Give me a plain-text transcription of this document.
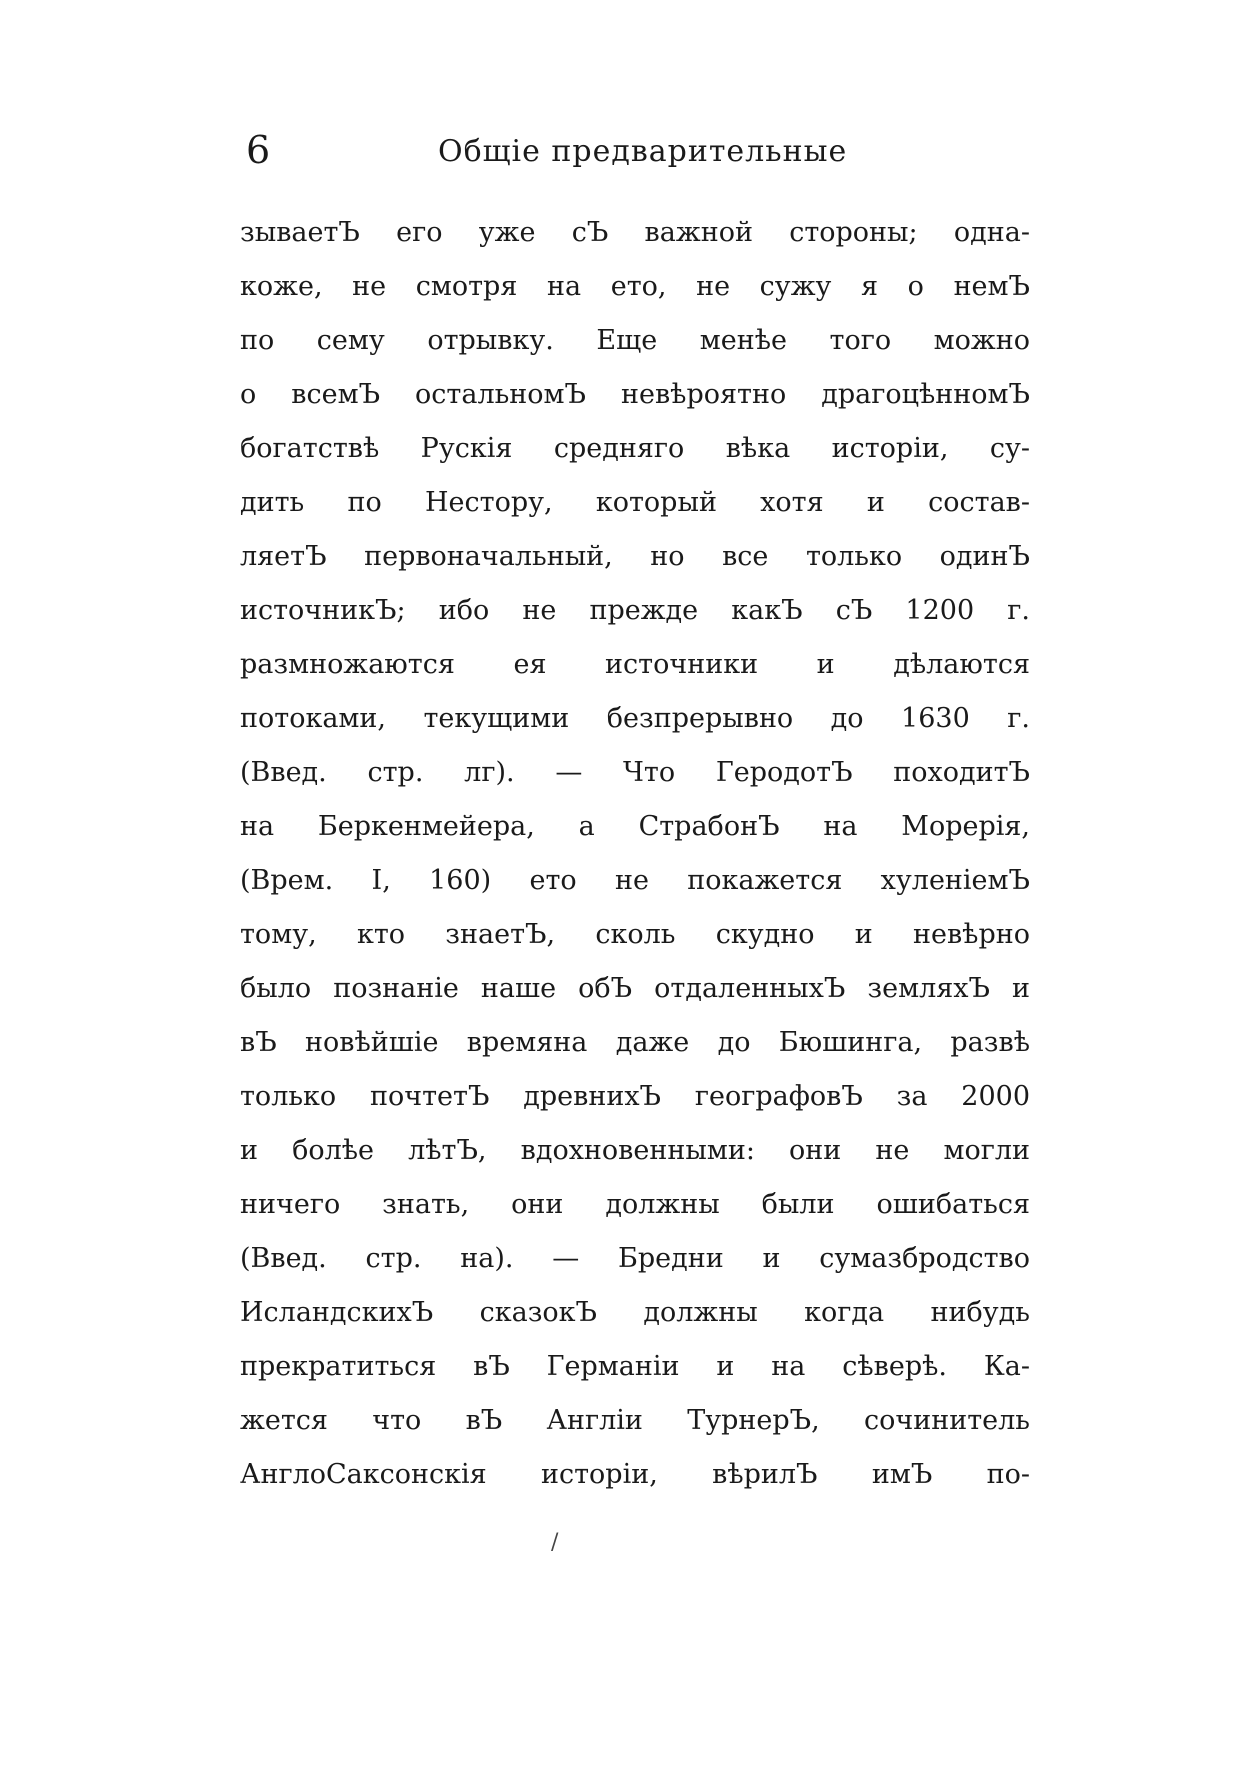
6	Общіе предварительные
зываетЪ его уже сЪ важной стороны; одна-
коже, не смотря на ето, не сужу я о немЪ
по сему отрывку. Еще менѣе того можно
о всемЪ остальномЪ невѣроятно драгоцѣнномЪ
богатствѣ Рускія средняго вѣка исторіи, су-
дить по Нестору, который хотя и состав-
ляетЪ первоначальный, но все только одинЪ
источникЪ; ибо не прежде какЪ сЪ 1200 г.
размножаются ея источники и дѣлаются
потоками, текущими безпрерывно до 1630 г.
(Введ. стр. лг). — Что ГеродотЪ походитЪ
на Беркенмейера, а СтрабонЪ на Морерія,
(Врем. I, 160) ето не покажется хуленіемЪ
тому, кто знаетЪ, сколь скудно и невѣрно
было познаніе наше обЪ отдаленныхЪ земляхЪ и
вЪ новѣйшіе времяна даже до Бюшинга, развѣ
только почтетЪ древнихЪ географовЪ за 2000
и болѣе лѣтЪ, вдохновенными: они не могли
ничего знать, они должны были ошибаться
(Введ. стр. на). — Бредни и сумазбродство
ИсландскихЪ сказокЪ должны когда нибудь
прекратиться вЪ Германіи и на сѣверѣ. Ка-
жется что вЪ Англіи ТурнерЪ, сочинитель
АнглоСаксонскія исторіи, вѣрилЪ имЪ по-
/
